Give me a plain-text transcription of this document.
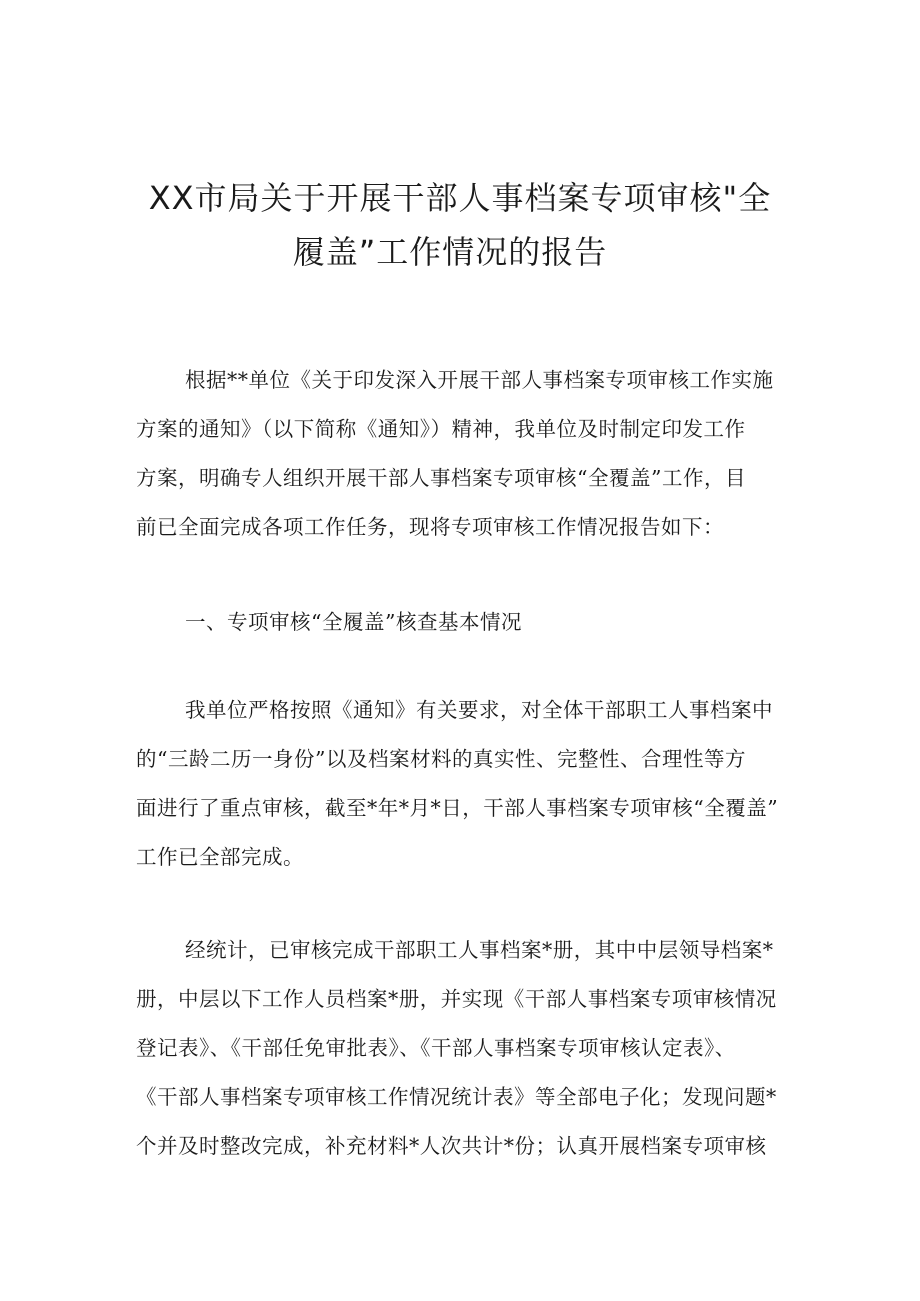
XX市局关于开展干部人事档案专项审核"全
履盖”工作情况的报告
根据**单位《关于印发深入开展干部人事档案专项审核工作实施
方案的通知》（以下简称《通知》）精神，我单位及时制定印发工作
方案，明确专人组织开展干部人事档案专项审核“全覆盖”工作，目
前已全面完成各项工作任务，现将专项审核工作情况报告如下：
一、专项审核“全履盖”核查基本情况
我单位严格按照《通知》有关要求，对全体干部职工人事档案中
的“三龄二历一身份”以及档案材料的真实性、完整性、合理性等方
面进行了重点审核，截至*年*月*日，干部人事档案专项审核“全覆盖”
工作已全部完成。
经统计，已审核完成干部职工人事档案*册，其中中层领导档案*
册，中层以下工作人员档案*册，并实现《干部人事档案专项审核情况
登记表》、《干部任免审批表》、《干部人事档案专项审核认定表》、
《干部人事档案专项审核工作情况统计表》等全部电子化；发现问题*
个并及时整改完成，补充材料*人次共计*份；认真开展档案专项审核
